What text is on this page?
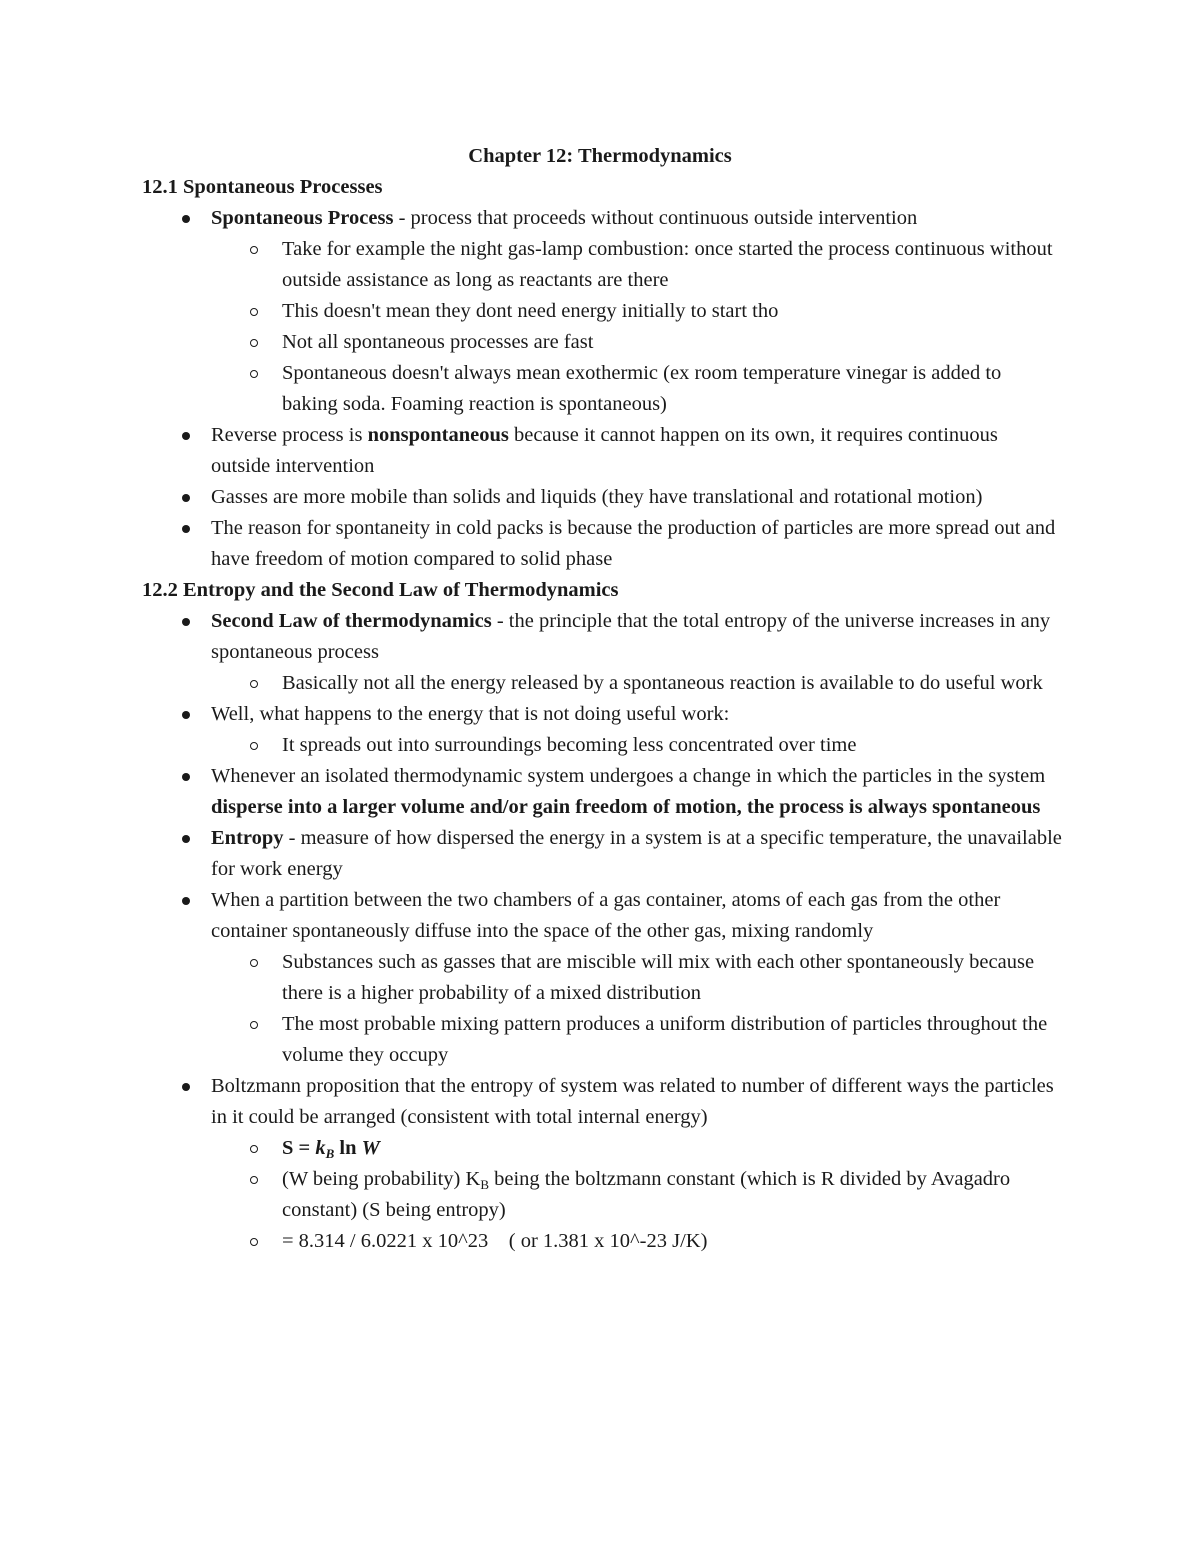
Chapter 12: Thermodynamics
12.1 Spontaneous Processes
Spontaneous Process - process that proceeds without continuous outside intervention
Take for example the night gas-lamp combustion: once started the process continuous without outside assistance as long as reactants are there
This doesn't mean they dont need energy initially to start tho
Not all spontaneous processes are fast
Spontaneous doesn't always mean exothermic (ex room temperature vinegar is added to baking soda. Foaming reaction is spontaneous)
Reverse process is nonspontaneous because it cannot happen on its own, it requires continuous outside intervention
Gasses are more mobile than solids and liquids (they have translational and rotational motion)
The reason for spontaneity in cold packs is because the production of particles are more spread out and have freedom of motion compared to solid phase
12.2 Entropy and the Second Law of Thermodynamics
Second Law of thermodynamics - the principle that the total entropy of the universe increases in any spontaneous process
Basically not all the energy released by a spontaneous reaction is available to do useful work
Well, what happens to the energy that is not doing useful work:
It spreads out into surroundings becoming less concentrated over time
Whenever an isolated thermodynamic system undergoes a change in which the particles in the system disperse into a larger volume and/or gain freedom of motion, the process is always spontaneous
Entropy - measure of how dispersed the energy in a system is at a specific temperature, the unavailable for work energy
When a partition between the two chambers of a gas container, atoms of each gas from the other container spontaneously diffuse into the space of the other gas, mixing randomly
Substances such as gasses that are miscible will mix with each other spontaneously because there is a higher probability of a mixed distribution
The most probable mixing pattern produces a uniform distribution of particles throughout the volume they occupy
Boltzmann proposition that the entropy of system was related to number of different ways the particles in it could be arranged (consistent with total internal energy)
$S = k_B$ ln W
(W being probability) $K_B$ being the boltzmann constant (which is R divided by Avagadro constant) (S being entropy)
= 8.314 / 6.0221 x 10^23    ( or 1.381 x 10^-23 J/K)
